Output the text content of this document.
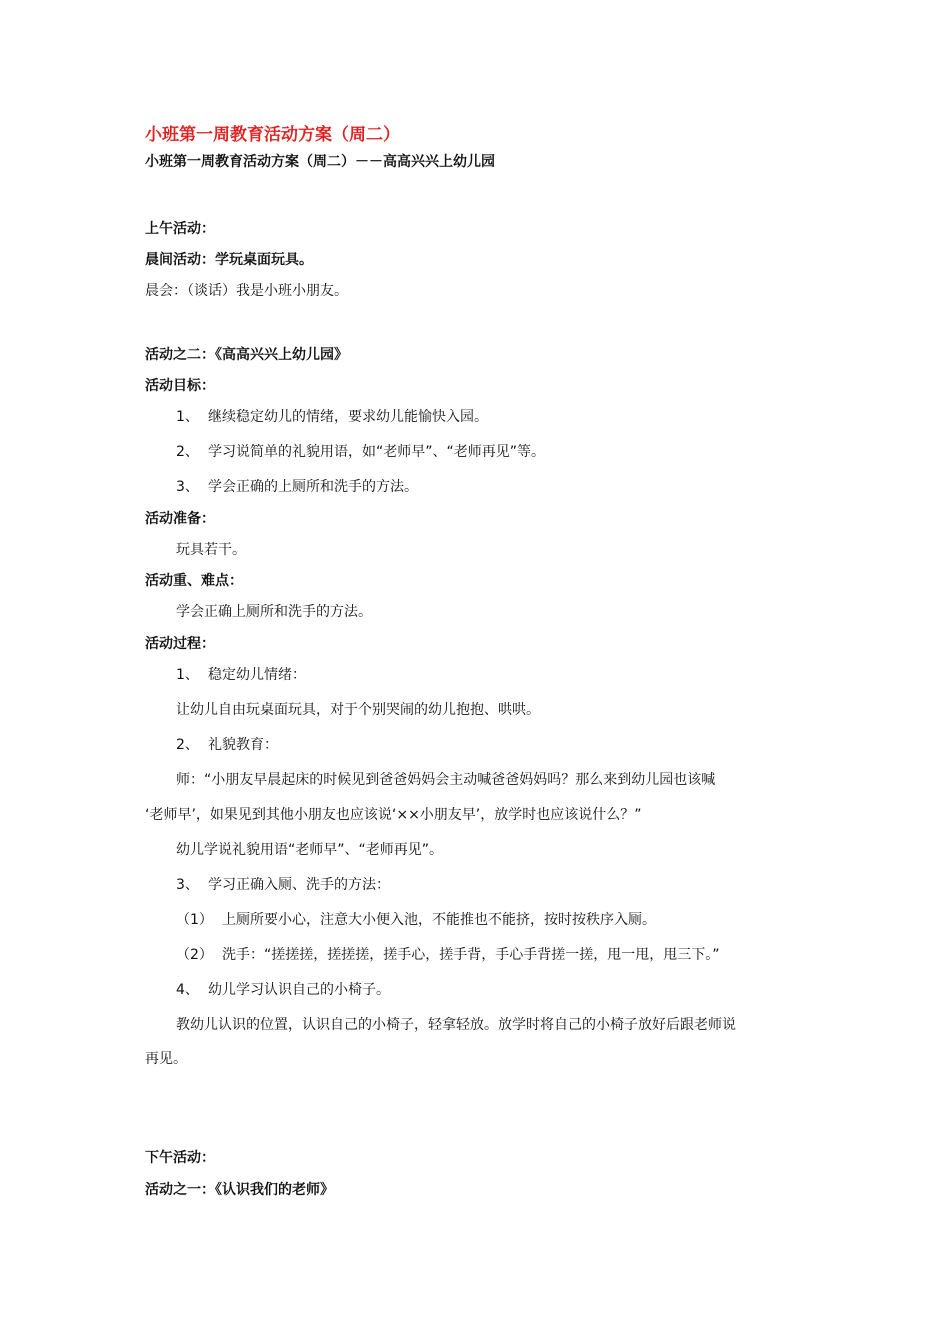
小班第一周教育活动方案（周二）
小班第一周教育活动方案（周二）－－高高兴兴上幼儿园
上午活动：
晨间活动：学玩桌面玩具。
晨会：（谈话）我是小班小朋友。
活动之二：《高高兴兴上幼儿园》
活动目标：
1、 继续稳定幼儿的情绪，要求幼儿能愉快入园。
2、 学习说简单的礼貌用语，如“老师早”、“老师再见”等。
3、 学会正确的上厕所和洗手的方法。
活动准备：
玩具若干。
活动重、难点：
学会正确上厕所和洗手的方法。
活动过程：
1、 稳定幼儿情绪：
让幼儿自由玩桌面玩具，对于个别哭闹的幼儿抱抱、哄哄。
2、 礼貌教育：
师：“小朋友早晨起床的时候见到爸爸妈妈会主动喊爸爸妈妈吗？那么来到幼儿园也该喊
‘老师早’，如果见到其他小朋友也应该说‘××小朋友早’，放学时也应该说什么？”
幼儿学说礼貌用语“老师早”、“老师再见”。
3、 学习正确入厕、洗手的方法：
（1） 上厕所要小心，注意大小便入池，不能推也不能挤，按时按秩序入厕。
（2） 洗手：“搓搓搓，搓搓搓，搓手心，搓手背，手心手背搓一搓，甩一甩，甩三下。”
4、 幼儿学习认识自己的小椅子。
教幼儿认识的位置，认识自己的小椅子，轻拿轻放。放学时将自己的小椅子放好后跟老师说
再见。
下午活动：
活动之一：《认识我们的老师》
